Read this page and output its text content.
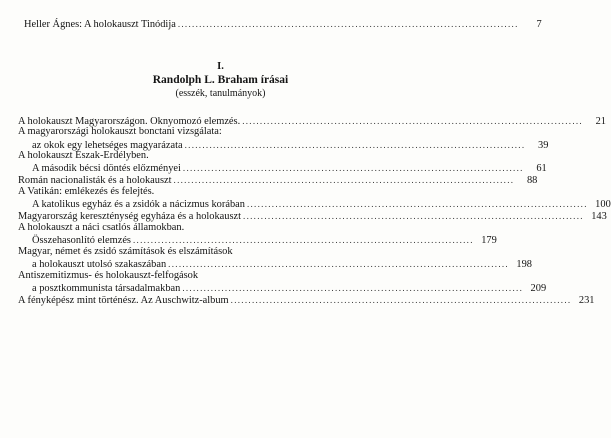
Heller Ágnes: A holokauszt Tinódija ................................................................................................	7
I.
Randolph L. Braham írásai
(esszék, tanulmányok)
A holokauszt Magyarországon. Oknyomozó elemzés. ................................................................................................	21
A magyarországi holokauszt bonctani vizsgálata:
az okok egy lehetséges magyarázata ................................................................................................	39
A holokauszt Észak-Erdélyben.
A második bécsi döntés előzményei ................................................................................................	61
Román nacionalisták és a holokauszt ................................................................................................	88
A Vatikán: emlékezés és felejtés.
A katolikus egyház és a zsidók a nácizmus korában ................................................................................................ 100
Magyarország kereszténység egyháza és a holokauszt ................................................................................................ 143
A holokauszt a náci csatlós államokban.
Összehasonlító elemzés ................................................................................................ 179
Magyar, német és zsidó számítások és elszámítások
a holokauszt utolsó szakaszában ................................................................................................ 198
Antiszemitizmus- és holokauszt-felfogások
a posztkommunista társadalmakban ................................................................................................ 209
A fényképész mint történész. Az Auschwitz-album ................................................................................................ 231
